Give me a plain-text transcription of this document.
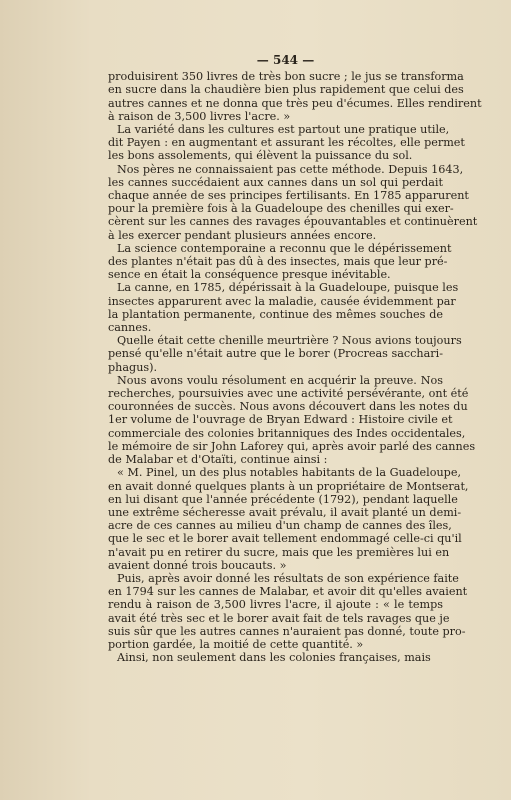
— 544 —

produisirent 350 livres de très bon sucre ; le jus se transforma
en sucre dans la chaudière bien plus rapidement que celui des
autres cannes et ne donna que très peu d'écumes. Elles rendirent
à raison de 3,500 livres l'acre. »

La variété dans les cultures est partout une pratique utile,
dit Payen : en augmentant et assurant les récoltes, elle permet
les bons assolements, qui élèvent la puissance du sol.

Nos pères ne connaissaient pas cette méthode. Depuis 1643,
les cannes succédaient aux cannes dans un sol qui perdait
chaque année de ses principes fertilisants. En 1785 apparurent
pour la première fois à la Guadeloupe des chenilles qui exer-
cèrent sur les cannes des ravages épouvantables et continuèrent
à les exercer pendant plusieurs années encore.

La science contemporaine a reconnu que le dépérissement
des plantes n'était pas dû à des insectes, mais que leur pré-
sence en était la conséquence presque inévitable.

La canne, en 1785, dépérissait à la Guadeloupe, puisque les
insectes apparurent avec la maladie, causée évidemment par
la plantation permanente, continue des mêmes souches de
cannes.

Quelle était cette chenille meurtrière ? Nous avions toujours
pensé qu'elle n'était autre que le borer (Procreas sacchari-
phagus).

Nous avons voulu résolument en acquérir la preuve. Nos
recherches, poursuivies avec une activité persévérante, ont été
couronnées de succès. Nous avons découvert dans les notes du
1er volume de l'ouvrage de Bryan Edward : Histoire civile et
commerciale des colonies britanniques des Indes occidentales,
le mémoire de sir John Laforey qui, après avoir parlé des cannes
de Malabar et d'Otaïti, continue ainsi :

« M. Pinel, un des plus notables habitants de la Guadeloupe,
en avait donné quelques plants à un propriétaire de Montserat,
en lui disant que l'année précédente (1792), pendant laquelle
une extrême sécheresse avait prévalu, il avait planté un demi-
acre de ces cannes au milieu d'un champ de cannes des îles,
que le sec et le borer avait tellement endommagé celle-ci qu'il
n'avait pu en retirer du sucre, mais que les premières lui en
avaient donné trois boucauts. »

Puis, après avoir donné les résultats de son expérience faite
en 1794 sur les cannes de Malabar, et avoir dit qu'elles avaient
rendu à raison de 3,500 livres l'acre, il ajoute : « le temps
avait été très sec et le borer avait fait de tels ravages que je
suis sûr que les autres cannes n'auraient pas donné, toute pro-
portion gardée, la moitié de cette quantité. »

Ainsi, non seulement dans les colonies françaises, mais
